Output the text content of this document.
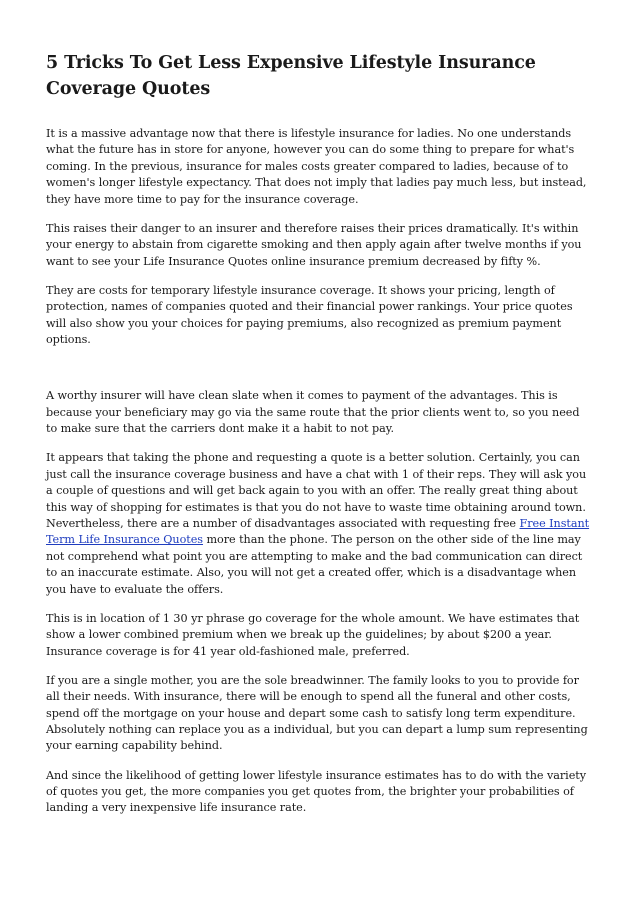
5 Tricks To Get Less Expensive Lifestyle Insurance Coverage Quotes

It is a massive advantage now that there is lifestyle insurance for ladies. No one understands what the future has in store for anyone, however you can do some thing to prepare for what's coming. In the previous, insurance for males costs greater compared to ladies, because of to women's longer lifestyle expectancy. That does not imply that ladies pay much less, but instead, they have more time to pay for the insurance coverage.

This raises their danger to an insurer and therefore raises their prices dramatically. It's within your energy to abstain from cigarette smoking and then apply again after twelve months if you want to see your Life Insurance Quotes online insurance premium decreased by fifty %.

They are costs for temporary lifestyle insurance coverage. It shows your pricing, length of protection, names of companies quoted and their financial power rankings. Your price quotes will also show you your choices for paying premiums, also recognized as premium payment options.

A worthy insurer will have clean slate when it comes to payment of the advantages. This is because your beneficiary may go via the same route that the prior clients went to, so you need to make sure that the carriers dont make it a habit to not pay.

It appears that taking the phone and requesting a quote is a better solution. Certainly, you can just call the insurance coverage business and have a chat with 1 of their reps. They will ask you a couple of questions and will get back again to you with an offer. The really great thing about this way of shopping for estimates is that you do not have to waste time obtaining around town. Nevertheless, there are a number of disadvantages associated with requesting free Free Instant Term Life Insurance Quotes more than the phone. The person on the other side of the line may not comprehend what point you are attempting to make and the bad communication can direct to an inaccurate estimate. Also, you will not get a created offer, which is a disadvantage when you have to evaluate the offers.

This is in location of 1 30 yr phrase go coverage for the whole amount. We have estimates that show a lower combined premium when we break up the guidelines; by about $200 a year. Insurance coverage is for 41 year old-fashioned male, preferred.

If you are a single mother, you are the sole breadwinner. The family looks to you to provide for all their needs. With insurance, there will be enough to spend all the funeral and other costs, spend off the mortgage on your house and depart some cash to satisfy long term expenditure. Absolutely nothing can replace you as a individual, but you can depart a lump sum representing your earning capability behind.

And since the likelihood of getting lower lifestyle insurance estimates has to do with the variety of quotes you get, the more companies you get quotes from, the brighter your probabilities of landing a very inexpensive life insurance rate.
